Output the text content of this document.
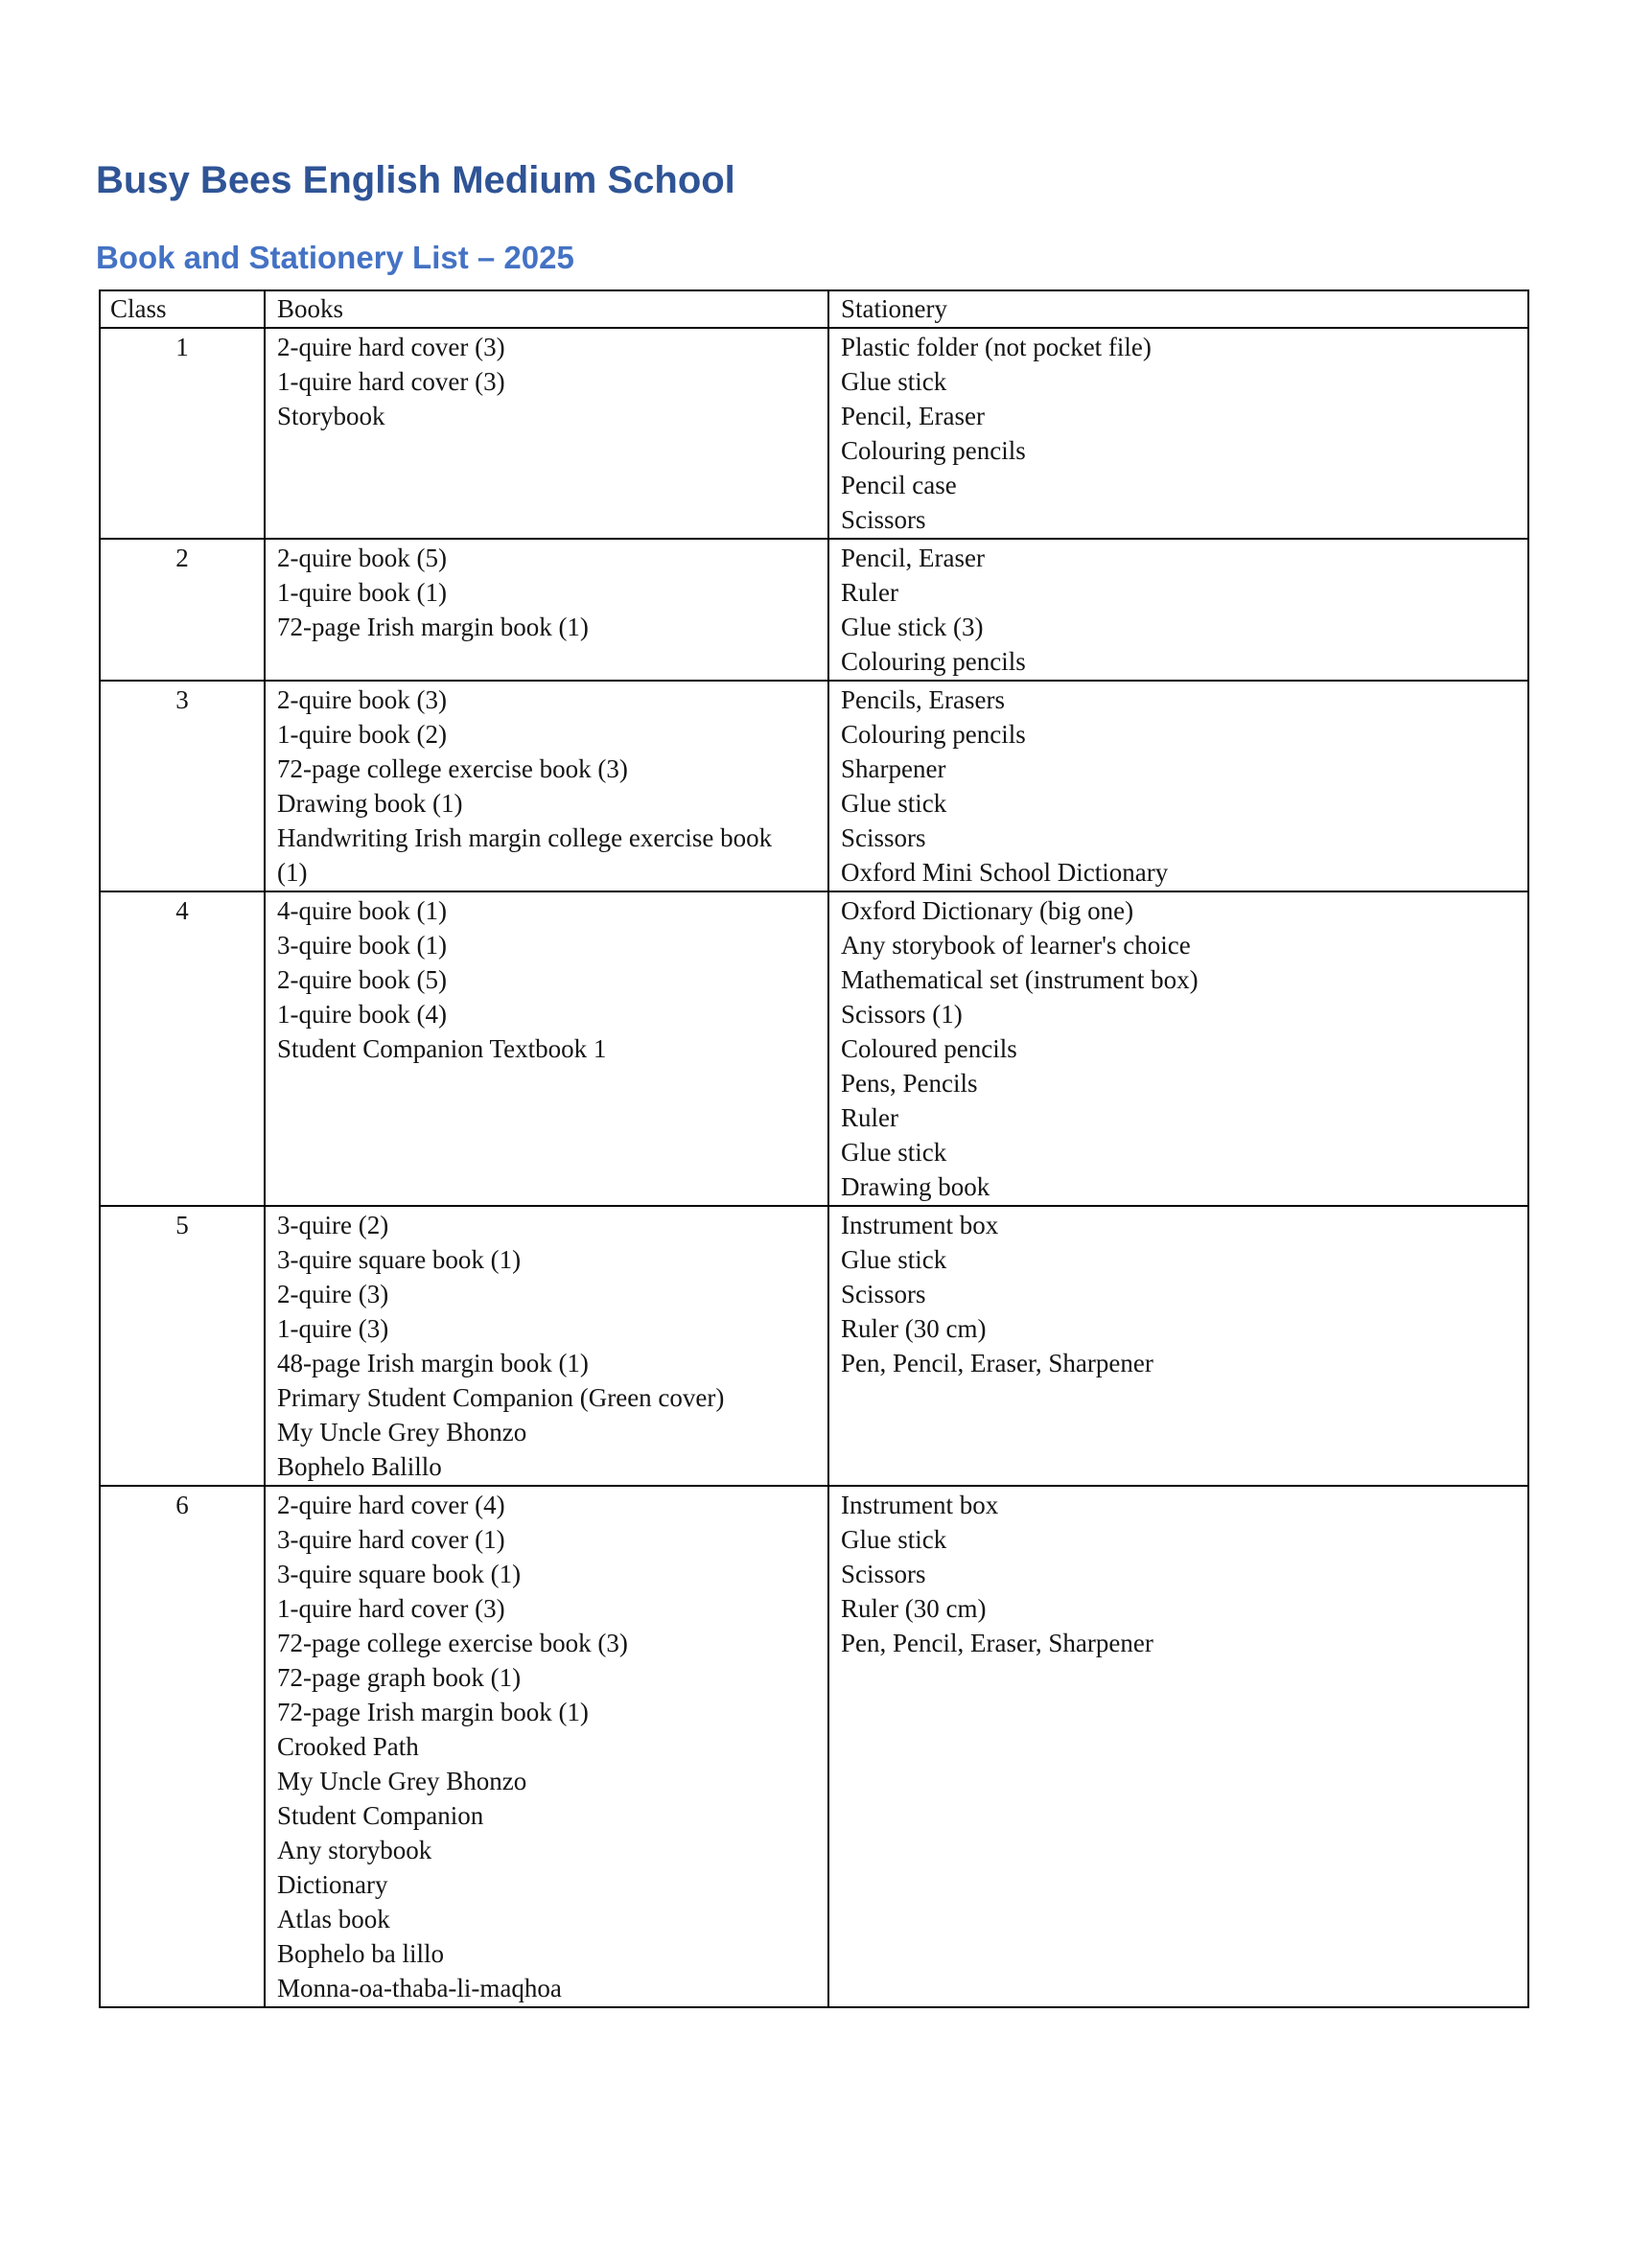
Busy Bees English Medium School
Book and Stationery List – 2025
Class	Books	Stationery
1	2-quire hard cover (3)
1-quire hard cover (3)
Storybook

Plastic folder (not pocket file)
Glue stick
Pencil, Eraser
Colouring pencils
Pencil case
Scissors

2	2-quire book (5)
1-quire book (1)
72-page Irish margin book (1)

Pencil, Eraser
Ruler
Glue stick (3)
Colouring pencils

3	2-quire book (3)
1-quire book (2)
72-page college exercise book (3)
Drawing book (1)
Handwriting Irish margin college exercise book (1)

Pencils, Erasers
Colouring pencils
Sharpener
Glue stick
Scissors
Oxford Mini School Dictionary

4	4-quire book (1)
3-quire book (1)
2-quire book (5)
1-quire book (4)
Student Companion Textbook 1

Oxford Dictionary (big one)
Any storybook of learner's choice
Mathematical set (instrument box)
Scissors (1)
Coloured pencils
Pens, Pencils
Ruler
Glue stick
Drawing book

5	3-quire (2)
3-quire square book (1)
2-quire (3)
1-quire (3)
48-page Irish margin book (1)
Primary Student Companion (Green cover)
My Uncle Grey Bhonzo
Bophelo Balillo

Instrument box
Glue stick
Scissors
Ruler (30 cm)
Pen, Pencil, Eraser, Sharpener

6	2-quire hard cover (4)
3-quire hard cover (1)
3-quire square book (1)
1-quire hard cover (3)
72-page college exercise book (3)
72-page graph book (1)
72-page Irish margin book (1)
Crooked Path
My Uncle Grey Bhonzo
Student Companion
Any storybook
Dictionary
Atlas book
Bophelo ba lillo
Monna-oa-thaba-li-maqhoa

Instrument box
Glue stick
Scissors
Ruler (30 cm)
Pen, Pencil, Eraser, Sharpener
